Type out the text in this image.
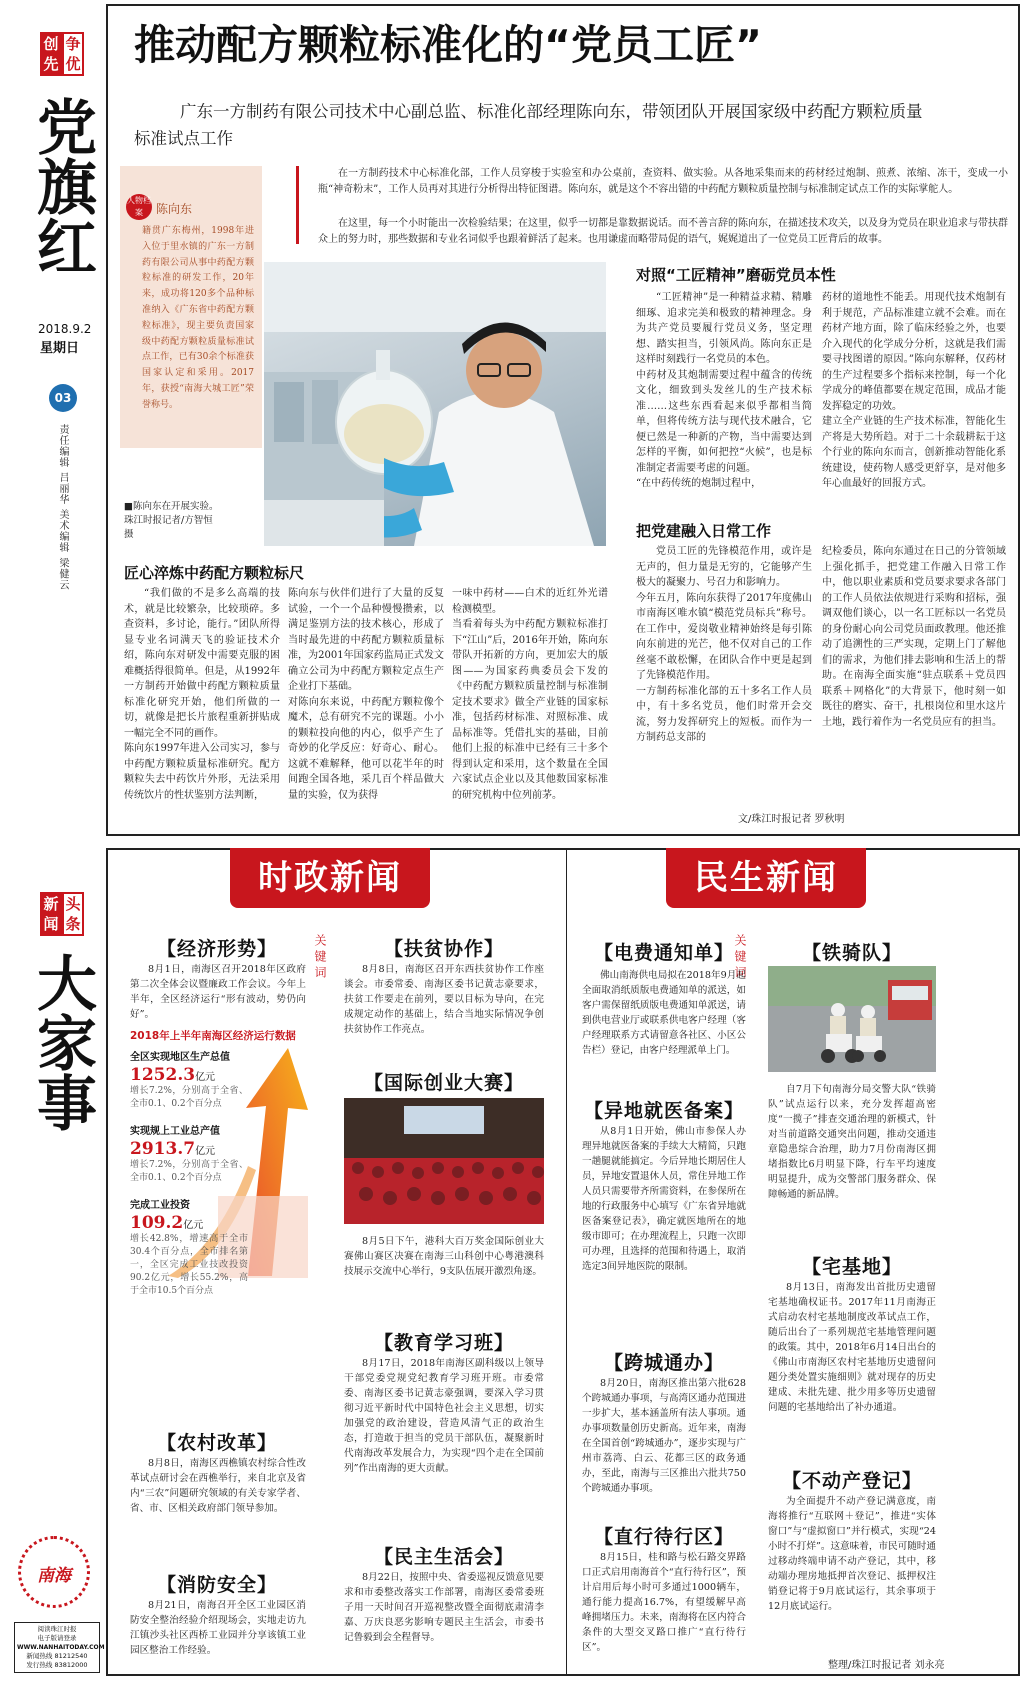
创先争优
党旗红
2018.9.2
星期日
03
责任编辑 吕丽华 美术编辑 梁健云
推动配方颗粒标准化的“党员工匠”
广东一方制药有限公司技术中心副总监、标准化部经理陈向东，带领团队开展国家级中药配方颗粒质量标准试点工作
人物档案	陈向东
籍贯广东梅州，1998年进入位于里水镇的广东一方制药有限公司从事中药配方颗粒标准的研发工作，20年来，成功将120多个品种标准纳入《广东省中药配方颗粒标准》，现主要负责国家级中药配方颗粒质量标准试点工作，已有30余个标准获国家认定和采用。2017年，获授“南海大城工匠”荣誉称号。
在一方制药技术中心标准化部，工作人员穿梭于实验室和办公桌前，查资料、做实验。从各地采集而来的药材经过炮制、煎煮、浓缩、冻干，变成一小瓶“神奇粉末”，工作人员再对其进行分析得出特征图谱。陈向东，就是这个不容出错的中药配方颗粒质量控制与标准制定试点工作的实际掌舵人。
在这里，每一个小时能出一次检验结果；在这里，似乎一切都是靠数据说话。而不善言辞的陈向东，在描述技术攻关，以及身为党员在职业追求与带扶群众上的努力时，那些数据和专业名词似乎也跟着鲜活了起来。也用谦虚而略带局促的语气，娓娓道出了一位党员工匠背后的故事。
■陈向东在开展实验。珠江时报记者/方智恒 摄
对照“工匠精神”磨砺党员本性
“工匠精神”是一种精益求精、精雕细琢、追求完美和极致的精神理念。身为共产党员要履行党员义务，坚定理想、踏实担当，引领风尚。陈向东正是这样时刻践行一名党员的本色。
中药材及其炮制需要过程中蕴含的传统文化，细致到头发丝儿的生产技术标准……这些东西看起来似乎都相当简单，但将传统方法与现代技术融合，它便已然是一种新的产物，当中需要达到怎样的平衡，如何把控“火候”，也是标准制定者需要考虑的问题。
“在中药传统的炮制过程中，
药材的道地性不能丢。用现代技术炮制有利于规范，产品标准建立就不会难。而在药材产地方面，除了临床经验之外，也要介入现代的化学成分分析，这就是我们需要寻找图谱的原因。”陈向东解释，仅药材的生产过程要多个指标来控制，每一个化学成分的峰值都要在规定范围，成品才能发挥稳定的功效。
建立全产业链的生产技术标准，智能化生产将是大势所趋。对于二十余载耕耘于这个行业的陈向东而言，创新推动智能化系统建设，使药物人感受更舒享，是对他多年心血最好的回报方式。
把党建融入日常工作
党员工匠的先锋模范作用，或许是无声的，但力量是无穷的，它能够产生极大的凝聚力、号召力和影响力。
今年五月，陈向东获得了2017年度佛山市南海区唯水镇“模范党员标兵”称号。在工作中，爱岗敬业精神始终是每引陈向东前进的光芒，他不仅对自己的工作丝毫不敢松懈，在团队合作中更是起到了先锋模范作用。
一方制药标准化部的五十多名工作人员中，有十多名党员，他们时常开会交流，努力发挥研究上的短板。而作为一方制药总支部的
纪检委员，陈向东通过在日己的分管领域上强化抓手，把党建工作融入日常工作中，他以职业素质和党员要求要求各部门的工作人员依法依规进行采购和招标，强调双他们谈心，以一名工匠标以一名党员的身份耐心向公司党员面政教理。他还推动了追溯性的三严实现，定期上门了解他们的需求，为他们排去影响和生活上的帮助。在南海全面实施“驻点联系＋党员四联系＋网格化”的大背景下，他时刻一如既往的磨实、奋干，扎根岗位和里水这片土地，践行着作为一名党员应有的担当。
匠心淬炼中药配方颗粒标尺
“我们做的不是多么高端的技术，就是比较繁杂，比较琐碎。多查资料，多讨论，能行。”团队所得显专业名词满天飞的验证技术介绍，陈向东对研发中需要克服的困难概括得很简单。但是，从1992年一方制药开始做中药配方颗粒质量标准化研究开始，他们所做的一切，就像是把长片旅程重新拼贴成一幅完全不同的画作。
陈向东1997年进入公司实习，参与中药配方颗粒质量标准研究。配方颗粒失去中药饮片外形，无法采用传统饮片的性状鉴别方法判断，
陈向东与伙伴们进行了大量的反复试验，一个一个品种慢慢攒索，以满足鉴别方法的技术核心，形成了当时最先进的中药配方颗粒质量标准，为2001年国家药监局正式发文确立公司为中药配方颗粒定点生产企业打下基础。
对陈向东来说，中药配方颗粒像个魔术，总有研究不完的课题。小小的颗粒投向他的内心，似乎产生了奇妙的化学反应：好奇心、耐心。这就不难解释，他可以花半年的时间跑全国各地，采几百个样品做大量的实验，仅为获得
一味中药材——白术的近红外光谱检测模型。
当看着每头为中药配方颗粒标准打下“江山”后，2016年开始，陈向东带队开拓新的方向，更加宏大的版图——为国家药典委员会下发的《中药配方颗粒质量控制与标准制定技术要求》做全产业链的国家标准，包括药材标准、对照标准、成品标准等。凭借扎实的基础，目前他们上报的标准中已经有三十多个得到认定和采用，这个数量在全国六家试点企业以及其他数国家标准的研究机构中位列前茅。
文/珠江时报记者 罗秋明
新闻头条
大家事
南海
阅读珠江时报
电子版请登录
WWW.NANHAITODAY.COM
新闻热线 81212540
发行热线 83812000
时政新闻	民生新闻
关键词	关键词
【经济形势】
8月1日，南海区召开2018年区政府第二次全体会议暨廉政工作会议。今年上半年，全区经济运行“形有波动，势仍向好”。
2018年上半年南海区经济运行数据
全区实现地区生产总值
1252.3亿元
增长7.2%，分别高于全省、全市0.1、0.2个百分点
实现规上工业总产值
2913.7亿元
增长7.2%，分别高于全省、全市0.1、0.2个百分点
完成工业投资
109.2亿元
增长42.8%，增速高于全市30.4个百分点，全市排名第一，全区完成工业技改投资90.2亿元，增长55.2%，高于全市10.5个百分点
【农村改革】
8月8日，南海区西樵镇农村综合性改革试点研讨会在西樵举行，来自北京及省内“三农”问题研究领域的有关专家学者、省、市、区相关政府部门领导参加。
【消防安全】
8月21日，南海召开全区工业园区消防安全整治经验介绍现场会，实地走访九江镇沙头社区西桥工业园并分享该镇工业园区整治工作经验。
【扶贫协作】
8月8日，南海区召开东西扶贫协作工作座谈会。市委常委、南海区委书记黄志豪要求，扶贫工作要走在前列，要以目标为导向，在完成规定动作的基础上，结合当地实际情况争创扶贫协作工作亮点。
【国际创业大赛】
8月5日下午，港科大百万奖金国际创业大赛佛山赛区决赛在南海三山科创中心粤港澳科技展示交流中心举行，9支队伍展开激烈角逐。
【教育学习班】
8月17日，2018年南海区副科级以上领导干部党委党规党纪教育学习班开班。市委常委、南海区委书记黄志豪强调，要深入学习贯彻习近平新时代中国特色社会主义思想，切实加强党的政治建设，营造风清气正的政治生态，打造敢于担当的党员干部队伍，凝聚新时代南海改革发展合力，为实现“四个走在全国前列”作出南海的更大贡献。
【民主生活会】
8月22日，按照中央、省委巡视反馈意见要求和市委整改落实工作部署，南海区委常委班子用一天时间召开巡视整改暨全面彻底肃清李嘉、万庆良恶劣影响专题民主生活会，市委书记鲁毅到会全程督导。
【电费通知单】
佛山南海供电局拟在2018年9月起全面取消纸质版电费通知单的派送，如客户需保留纸质版电费通知单派送，请到供电营业厅或联系供电客户经理（客户经理联系方式请留意各社区、小区公告栏）登记，由客户经理派单上门。
【异地就医备案】
从8月1日开始，佛山市参保人办理异地就医备案的手续大大精简，只跑一趟腿就能搞定。今后异地长期居住人员，异地安置退休人员，常住异地工作人员只需要带齐所需资料，在参保所在地的行政服务中心填写《广东省异地就医备案登记表》，确定就医地所在的地级市即可；在办理流程上，只跑一次即可办理，且选择的范围和待遇上，取消选定3间异地医院的限制。
【跨城通办】
8月20日，南海区推出第六批628个跨城通办事项，与高湾区通办范围进一步扩大，基本涵盖所有法人事项。通办事项数量创历史新高。近年来，南海在全国首创“跨城通办”，逐步实现与广州市荔湾、白云、花都三区的政务通办，至此，南海与三区推出六批共750个跨城通办事项。
【直行待行区】
8月15日，桂和路与松石路交界路口正式启用南海首个“直行待行区”，预计启用后每小时可多通过1000辆车，通行能力提高16.7%，有望缓解早高峰拥堵压力。未来，南海将在区内符合条件的大型交叉路口推广“直行待行区”。
【铁骑队】
自7月下旬南海分局交警大队“铁骑队”试点运行以来，充分发挥超高密度“一揽子”排查交通治理的新模式，针对当前道路交通突出问题，推动交通违章隐患综合治理，助力7月份南海区拥堵指数比6月明显下降，行车平均速度明显提升，成为交警部门服务群众、保障畅通的新品牌。
【宅基地】
8月13日，南海发出首批历史遗留宅基地确权证书。2017年11月南海正式启动农村宅基地制度改革试点工作，随后出台了一系列规范宅基地管理问题的政策。其中，2018年6月14日出台的《佛山市南海区农村宅基地历史遗留问题分类处置实施细则》就对现存的历史建成、未批先建、批少用多等历史遗留问题的宅基地给出了补办通道。
【不动产登记】
为全面提升不动产登记满意度，南海将推行“互联网＋登记”，推进“实体窗口”与“虚拟窗口”并行模式，实现“24小时不打烊”。这意味着，市民可随时通过移动终端申请不动产登记，其中，移动端办理房地抵押首次登记、抵押权注销登记将于9月底试运行，其余事项于12月底试运行。
整理/珠江时报记者 刘永亮
